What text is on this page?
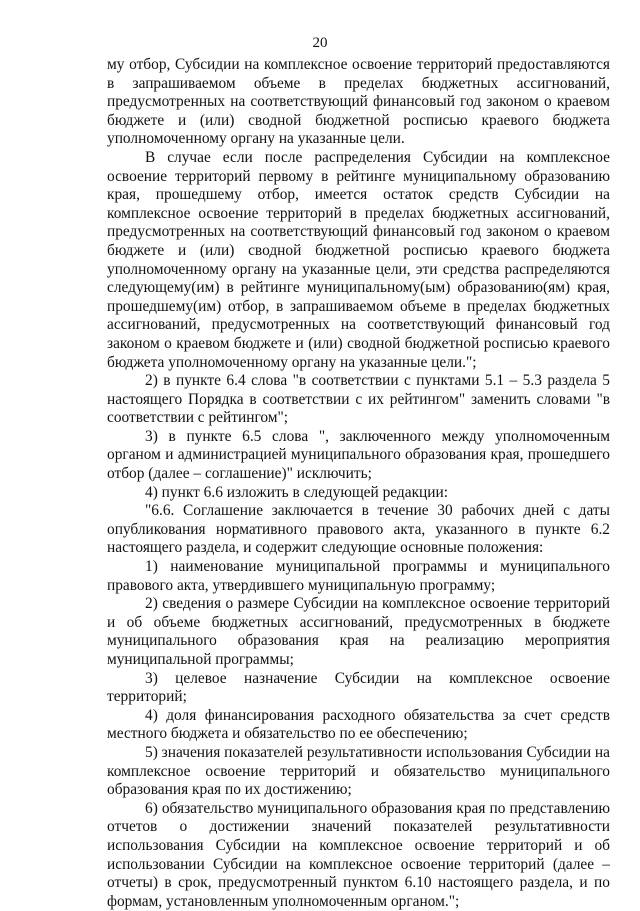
20

му отбор, Субсидии на комплексное освоение территорий предоставляются в запрашиваемом объеме в пределах бюджетных ассигнований, предусмотренных на соответствующий финансовый год законом о краевом бюджете и (или) сводной бюджетной росписью краевого бюджета уполномоченному органу на указанные цели.

В случае если после распределения Субсидии на комплексное освоение территорий первому в рейтинге муниципальному образованию края, прошедшему отбор, имеется остаток средств Субсидии на комплексное освоение территорий в пределах бюджетных ассигнований, предусмотренных на соответствующий финансовый год законом о краевом бюджете и (или) сводной бюджетной росписью краевого бюджета уполномоченному органу на указанные цели, эти средства распределяются следующему(им) в рейтинге муниципальному(ым) образованию(ям) края, прошедшему(им) отбор, в запрашиваемом объеме в пределах бюджетных ассигнований, предусмотренных на соответствующий финансовый год законом о краевом бюджете и (или) сводной бюджетной росписью краевого бюджета уполномоченному органу на указанные цели.";

2) в пункте 6.4 слова "в соответствии с пунктами 5.1 – 5.3 раздела 5 настоящего Порядка в соответствии с их рейтингом" заменить словами "в соответствии с рейтингом";

3) в пункте 6.5 слова ", заключенного между уполномоченным органом и администрацией муниципального образования края, прошедшего отбор (далее – соглашение)" исключить;

4) пункт 6.6 изложить в следующей редакции:

"6.6. Соглашение заключается в течение 30 рабочих дней с даты опубликования нормативного правового акта, указанного в пункте 6.2 настоящего раздела, и содержит следующие основные положения:

1) наименование муниципальной программы и муниципального правового акта, утвердившего муниципальную программу;

2) сведения о размере Субсидии на комплексное освоение территорий и об объеме бюджетных ассигнований, предусмотренных в бюджете муниципального образования края на реализацию мероприятия муниципальной программы;

3) целевое назначение Субсидии на комплексное освоение территорий;

4) доля финансирования расходного обязательства за счет средств местного бюджета и обязательство по ее обеспечению;

5) значения показателей результативности использования Субсидии на комплексное освоение территорий и обязательство муниципального образования края по их достижению;

6) обязательство муниципального образования края по представлению отчетов о достижении значений показателей результативности использования Субсидии на комплексное освоение территорий и об использовании Субсидии на комплексное освоение территорий (далее – отчеты) в срок, предусмотренный пунктом 6.10 настоящего раздела, и по формам, установленным уполномоченным органом.";
